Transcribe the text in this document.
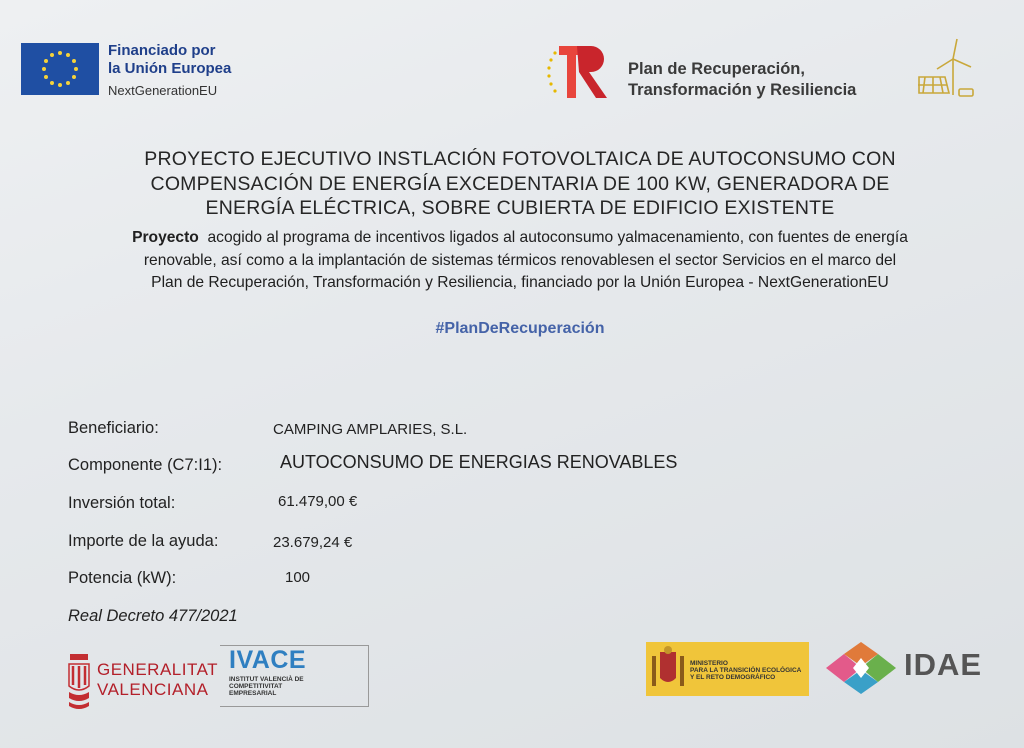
Financiado por
la Unión Europea
NextGenerationEU
Plan de Recuperación,
Transformación y Resiliencia
PROYECTO EJECUTIVO INSTLACIÓN FOTOVOLTAICA DE AUTOCONSUMO CON
COMPENSACIÓN DE ENERGÍA EXCEDENTARIA DE 100 KW, GENERADORA DE
ENERGÍA ELÉCTRICA, SOBRE CUBIERTA DE EDIFICIO EXISTENTE
Proyecto  acogido al programa de incentivos ligados al autoconsumo yalmacenamiento, con fuentes de energía
renovable, así como a la implantación de sistemas térmicos renovablesen el sector Servicios en el marco del
Plan de Recuperación, Transformación y Resiliencia, financiado por la Unión Europea - NextGenerationEU
#PlanDeRecuperación
Beneficiario:	CAMPING AMPLARIES, S.L.
Componente (C7:I1):	AUTOCONSUMO DE ENERGIAS RENOVABLES
Inversión total:	61.479,00 €
Importe de la ayuda:	23.679,24 €
Potencia (kW):	100
Real Decreto 477/2021
GENERALITAT
VALENCIANA
IVACE
INSTITUT VALENCIÀ DE
COMPETITIVITAT EMPRESARIAL
MINISTERIO
PARA LA TRANSICIÓN ECOLÓGICA
Y EL RETO DEMOGRÁFICO	IDAE
